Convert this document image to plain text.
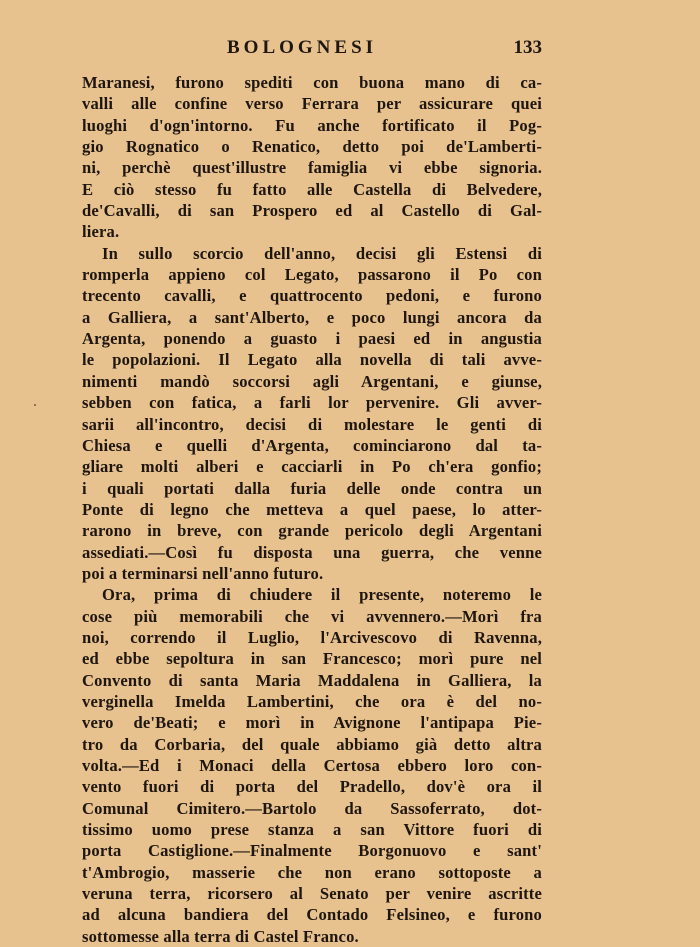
BOLOGNESI	133
Maranesi, furono spediti con buona mano di ca-
valli alle confine verso Ferrara per assicurare quei
luoghi d'ogn'intorno. Fu anche fortificato il Pog-
gio Rognatico o Renatico, detto poi de'Lamberti-
ni, perchè quest'illustre famiglia vi ebbe signoria.
E ciò stesso fu fatto alle Castella di Belvedere,
de'Cavalli, di san Prospero ed al Castello di Gal-
liera.
In sullo scorcio dell'anno, decisi gli Estensi di
romperla appieno col Legato, passarono il Po con
trecento cavalli, e quattrocento pedoni, e furono
a Galliera, a sant'Alberto, e poco lungi ancora da
Argenta, ponendo a guasto i paesi ed in angustia
le popolazioni. Il Legato alla novella di tali avve-
nimenti mandò soccorsi agli Argentani, e giunse,
sebben con fatica, a farli lor pervenire. Gli avver-
sarii all'incontro, decisi di molestare le genti di
Chiesa e quelli d'Argenta, cominciarono dal ta-
gliare molti alberi e cacciarli in Po ch'era gonfio;
i quali portati dalla furia delle onde contra un
Ponte di legno che metteva a quel paese, lo atter-
rarono in breve, con grande pericolo degli Argentani
assediati.—Così fu disposta una guerra, che venne
poi a terminarsi nell'anno futuro.
Ora, prima di chiudere il presente, noteremo le
cose più memorabili che vi avvennero.—Morì fra
noi, correndo il Luglio, l'Arcivescovo di Ravenna,
ed ebbe sepoltura in san Francesco; morì pure nel
Convento di santa Maria Maddalena in Galliera, la
verginella Imelda Lambertini, che ora è del no-
vero de'Beati; e morì in Avignone l'antipapa Pie-
tro da Corbaria, del quale abbiamo già detto altra
volta.—Ed i Monaci della Certosa ebbero loro con-
vento fuori di porta del Pradello, dov'è ora il
Comunal Cimitero.—Bartolo da Sassoferrato, dot-
tissimo uomo prese stanza a san Vittore fuori di
porta Castiglione.—Finalmente Borgonuovo e sant'
t'Ambrogio, masserie che non erano sottoposte a
veruna terra, ricorsero al Senato per venire ascritte
ad alcuna bandiera del Contado Felsineo, e furono
sottomesse alla terra di Castel Franco.
